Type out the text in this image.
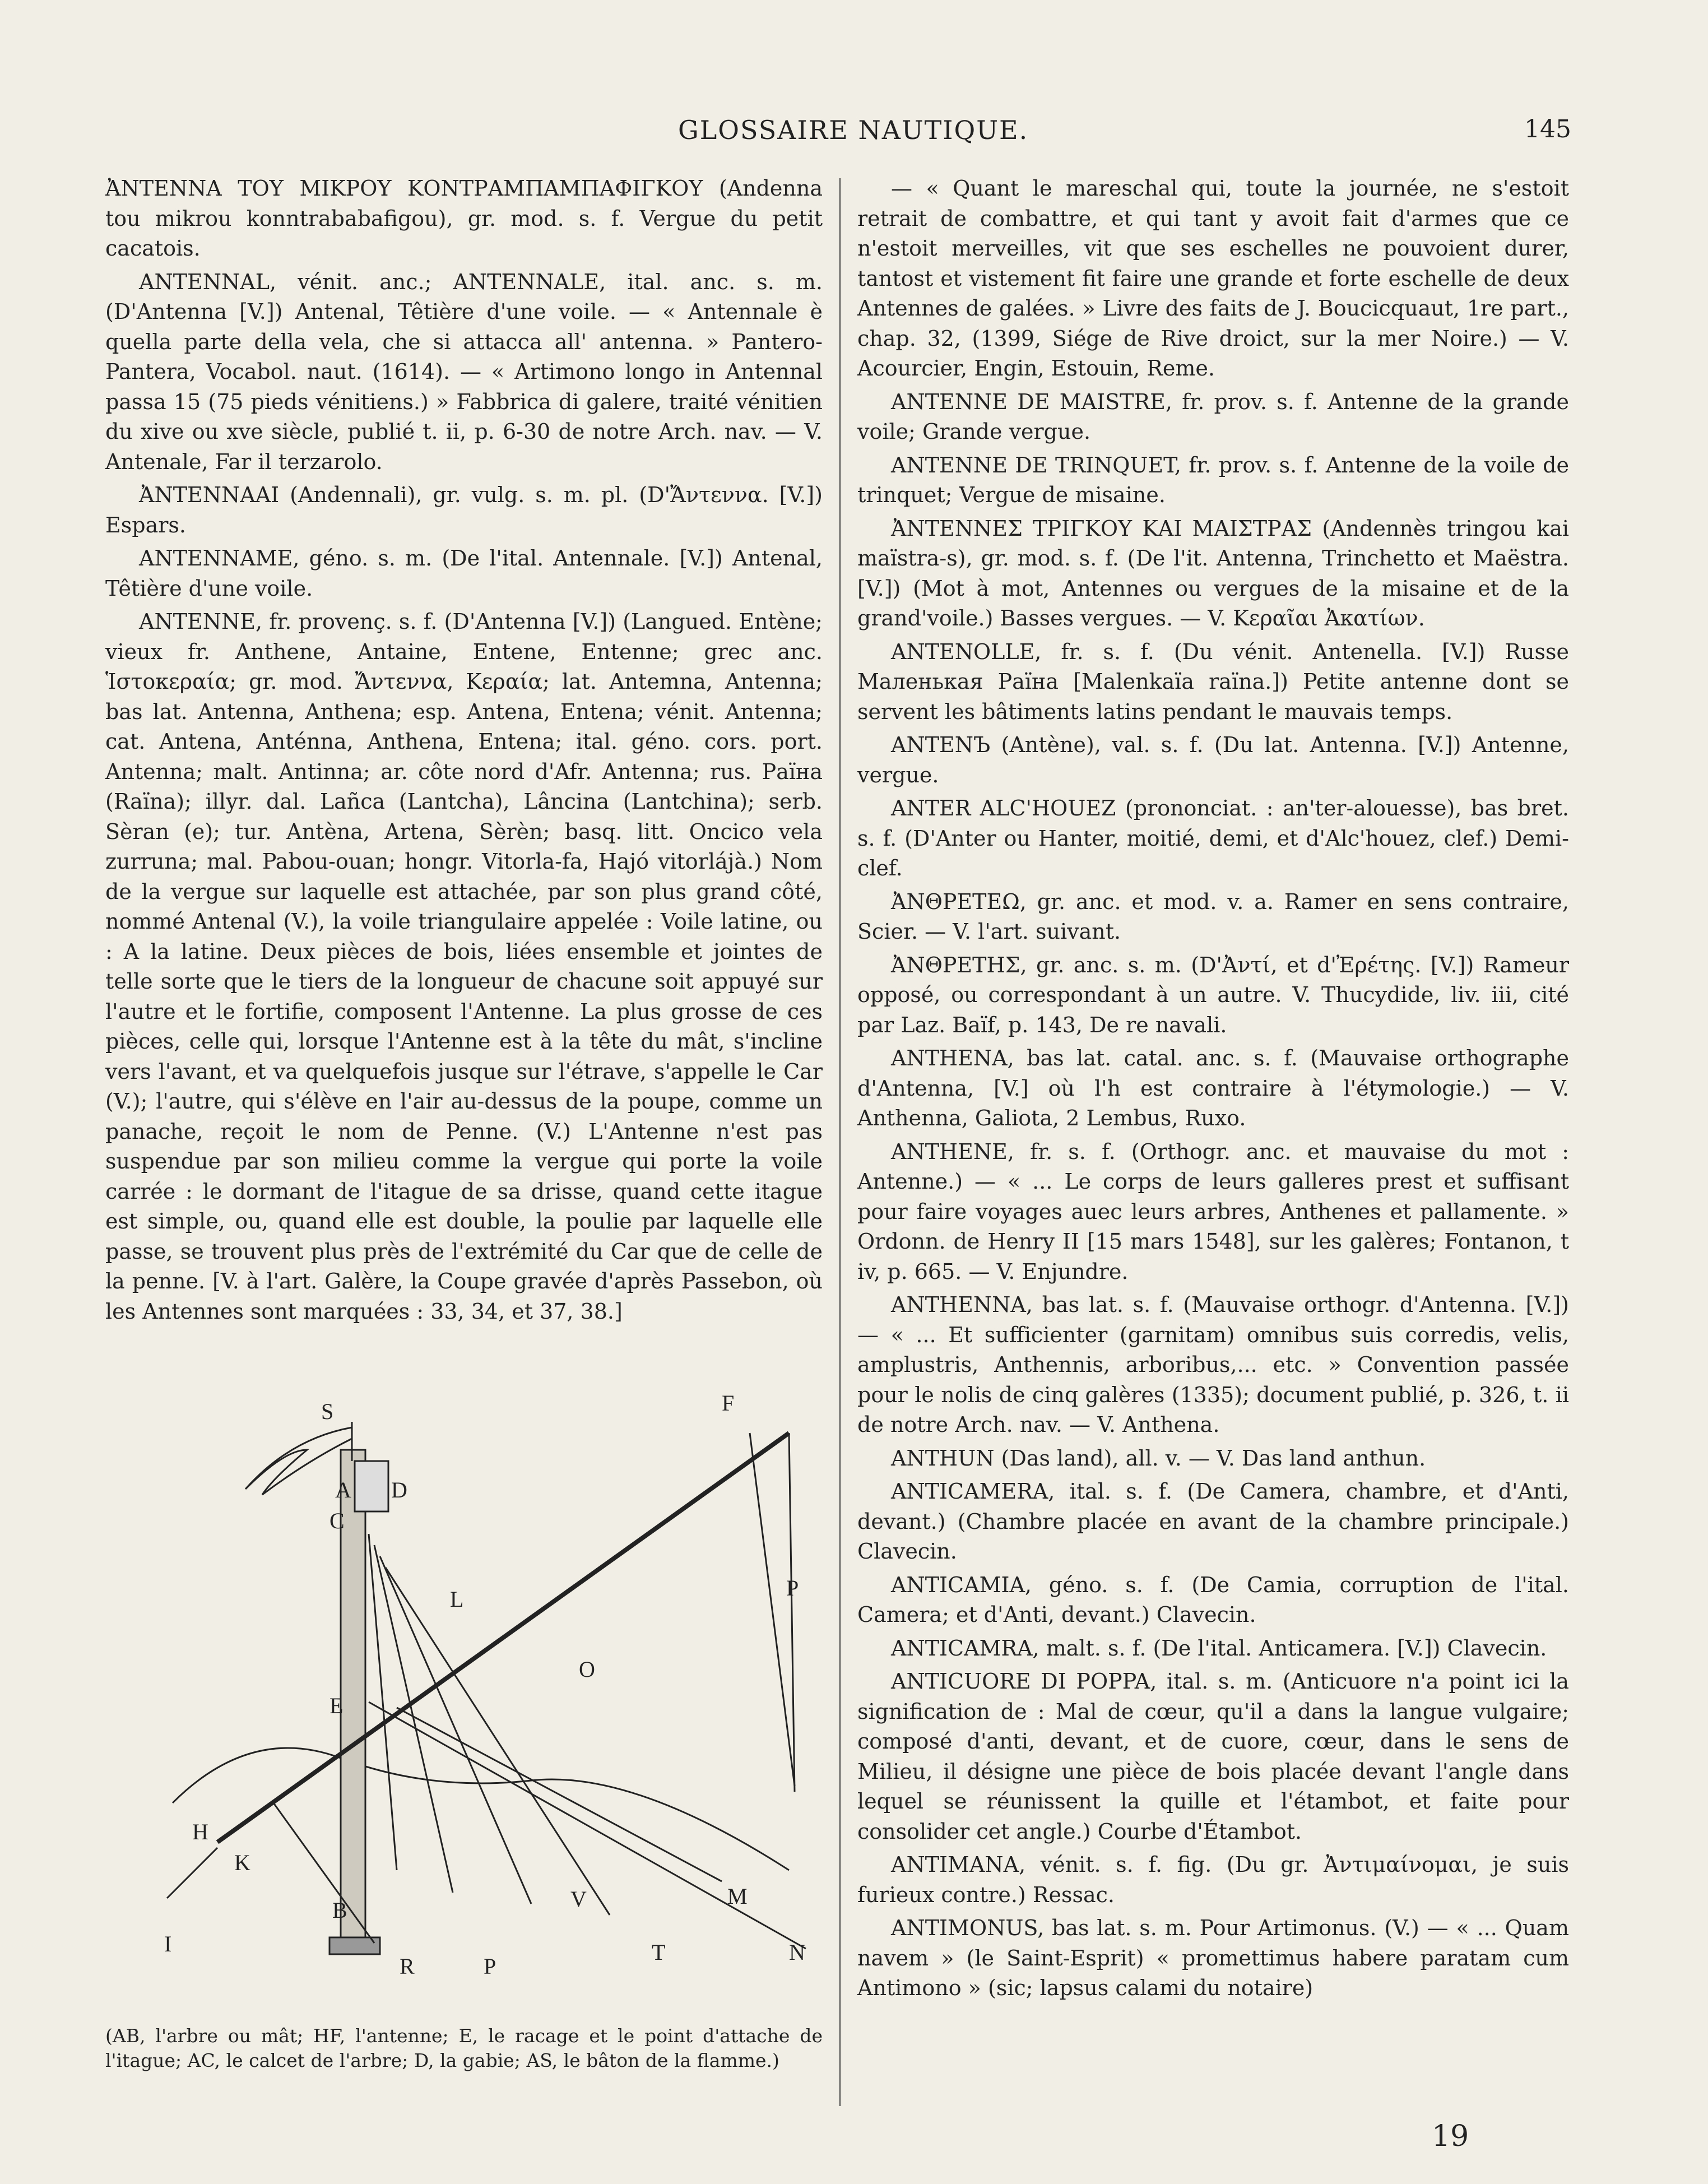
GLOSSAIRE NAUTIQUE.	145

ἈΝΤΕΝΝΑ ΤΟΥ ΜΙΚΡΟΥ ΚΟΝΤΡΑΜΠΑΜΠΑΦΙΓΚΟΥ (Andenna tou mikrou konntrababafigou), gr. mod. s. f. Vergue du petit cacatois.

ANTENNAL, vénit. anc.; ANTENNALE, ital. anc. s. m. (D'Antenna [V.]) Antenal, Têtière d'une voile. — « Antennale è quella parte della vela, che si attacca all' antenna. » Pantero-Pantera, Vocabol. naut. (1614). — « Artimono longo in Antennal passa 15 (75 pieds vénitiens.) » Fabbrica di galere, traité vénitien du xive ou xve siècle, publié t. ii, p. 6-30 de notre Arch. nav. — V. Antenale, Far il terzarolo.

ἈΝΤΕΝΝΑΑΙ (Andennali), gr. vulg. s. m. pl. (D'Ἄντεννα. [V.]) Espars.

ANTENNAME, géno. s. m. (De l'ital. Antennale. [V.]) Antenal, Têtière d'une voile.

ANTENNE, fr. provenç. s. f. (D'Antenna [V.]) (Langued. Entène; vieux fr. Anthene, Antaine, Entene, Entenne; grec anc. Ἱστοκεραία; gr. mod. Ἄντεννα, Κεραία; lat. Antemna, Antenna; bas lat. Antenna, Anthena; esp. Antena, Entena; vénit. Antenna; cat. Antena, Anténna, Anthena, Entena; ital. géno. cors. port. Antenna; malt. Antinna; ar. côte nord d'Afr. Antenna; rus. Раïна (Raïna); illyr. dal. Lañca (Lantcha), Lâncina (Lantchina); serb. Sèran (e); tur. Antèna, Artena, Sèrèn; basq. litt. Oncico vela zurruna; mal. Pabou-ouan; hongr. Vitorla-fa, Hajó vitorlájà.) Nom de la vergue sur laquelle est attachée, par son plus grand côté, nommé Antenal (V.), la voile triangulaire appelée : Voile latine, ou : A la latine. Deux pièces de bois, liées ensemble et jointes de telle sorte que le tiers de la longueur de chacune soit appuyé sur l'autre et le fortifie, composent l'Antenne. La plus grosse de ces pièces, celle qui, lorsque l'Antenne est à la tête du mât, s'incline vers l'avant, et va quelquefois jusque sur l'étrave, s'appelle le Car (V.); l'autre, qui s'élève en l'air au-dessus de la poupe, comme un panache, reçoit le nom de Penne. (V.) L'Antenne n'est pas suspendue par son milieu comme la vergue qui porte la voile carrée : le dormant de l'itague de sa drisse, quand cette itague est simple, ou, quand elle est double, la poulie par laquelle elle passe, se trouvent plus près de l'extrémité du Car que de celle de la penne. [V. à l'art. Galère, la Coupe gravée d'après Passebon, où les Antennes sont marquées : 33, 34, et 37, 38.]

S
A D
C
L
F
P
E
O
H
K
B	V	M
N
I
R	P
T
(AB, l'arbre ou mât; HF, l'antenne; E, le racage et le point d'attache de l'itague; AC, le calcet de l'arbre; D, la gabie; AS, le bâton de la flamme.)

— « Quant le mareschal qui, toute la journée, ne s'estoit retrait de combattre, et qui tant y avoit fait d'armes que ce n'estoit merveilles, vit que ses eschelles ne pouvoient durer, tantost et vistement fit faire une grande et forte eschelle de deux Antennes de galées. » Livre des faits de J. Boucicquaut, 1re part., chap. 32, (1399, Siége de Rive droict, sur la mer Noire.) — V. Acourcier, Engin, Estouin, Reme.

ANTENNE DE MAISTRE, fr. prov. s. f. Antenne de la grande voile; Grande vergue.

ANTENNE DE TRINQUET, fr. prov. s. f. Antenne de la voile de trinquet; Vergue de misaine.

ἈΝΤΕΝΝΕΣ ΤΡΙΓΚΟΥ ΚΑΙ ΜΑΙΣΤΡΑΣ (Andennès tringou kai maïstra-s), gr. mod. s. f. (De l'it. Antenna, Trinchetto et Maëstra. [V.]) (Mot à mot, Antennes ou vergues de la misaine et de la grand'voile.) Basses vergues. — V. Κεραῖαι Ἀκατίων.

ANTENOLLE, fr. s. f. (Du vénit. Antenella. [V.]) Russe Маленькая Раïна [Malenkaïa raïna.]) Petite antenne dont se servent les bâtiments latins pendant le mauvais temps.

ANTENЪ (Antène), val. s. f. (Du lat. Antenna. [V.]) Antenne, vergue.

ANTER ALC'HOUEZ (prononciat. : an'ter-alouesse), bas bret. s. f. (D'Anter ou Hanter, moitié, demi, et d'Alc'houez, clef.) Demi-clef.

ἈΝΘΡΕΤΕΩ, gr. anc. et mod. v. a. Ramer en sens contraire, Scier. — V. l'art. suivant.

ἈΝΘΡΕΤΗΣ, gr. anc. s. m. (D'Ἀντί, et d'Ἐρέτης. [V.]) Rameur opposé, ou correspondant à un autre. V. Thucydide, liv. iii, cité par Laz. Baïf, p. 143, De re navali.

ANTHENA, bas lat. catal. anc. s. f. (Mauvaise orthographe d'Antenna, [V.] où l'h est contraire à l'étymologie.) — V. Anthenna, Galiota, 2 Lembus, Ruxo.

ANTHENE, fr. s. f. (Orthogr. anc. et mauvaise du mot : Antenne.) — « ... Le corps de leurs galleres prest et suffisant pour faire voyages auec leurs arbres, Anthenes et pallamente. » Ordonn. de Henry II [15 mars 1548], sur les galères; Fontanon, t iv, p. 665. — V. Enjundre.

ANTHENNA, bas lat. s. f. (Mauvaise orthogr. d'Antenna. [V.]) — « ... Et sufficienter (garnitam) omnibus suis corredis, velis, amplustris, Anthennis, arboribus,... etc. » Convention passée pour le nolis de cinq galères (1335); document publié, p. 326, t. ii de notre Arch. nav. — V. Anthena.

ANTHUN (Das land), all. v. — V. Das land anthun.

ANTICAMERA, ital. s. f. (De Camera, chambre, et d'Anti, devant.) (Chambre placée en avant de la chambre principale.) Clavecin.

ANTICAMIA, géno. s. f. (De Camia, corruption de l'ital. Camera; et d'Anti, devant.) Clavecin.

ANTICAMRA, malt. s. f. (De l'ital. Anticamera. [V.]) Clavecin.

ANTICUORE DI POPPA, ital. s. m. (Anticuore n'a point ici la signification de : Mal de cœur, qu'il a dans la langue vulgaire; composé d'anti, devant, et de cuore, cœur, dans le sens de Milieu, il désigne une pièce de bois placée devant l'angle dans lequel se réunissent la quille et l'étambot, et faite pour consolider cet angle.) Courbe d'Étambot.

ANTIMANA, vénit. s. f. fig. (Du gr. Ἀντιμαίνομαι, je suis furieux contre.) Ressac.

ANTIMONUS, bas lat. s. m. Pour Artimonus. (V.) — « ... Quam navem » (le Saint-Esprit) « promettimus habere paratam cum Antimono » (sic; lapsus calami du notaire)

19
